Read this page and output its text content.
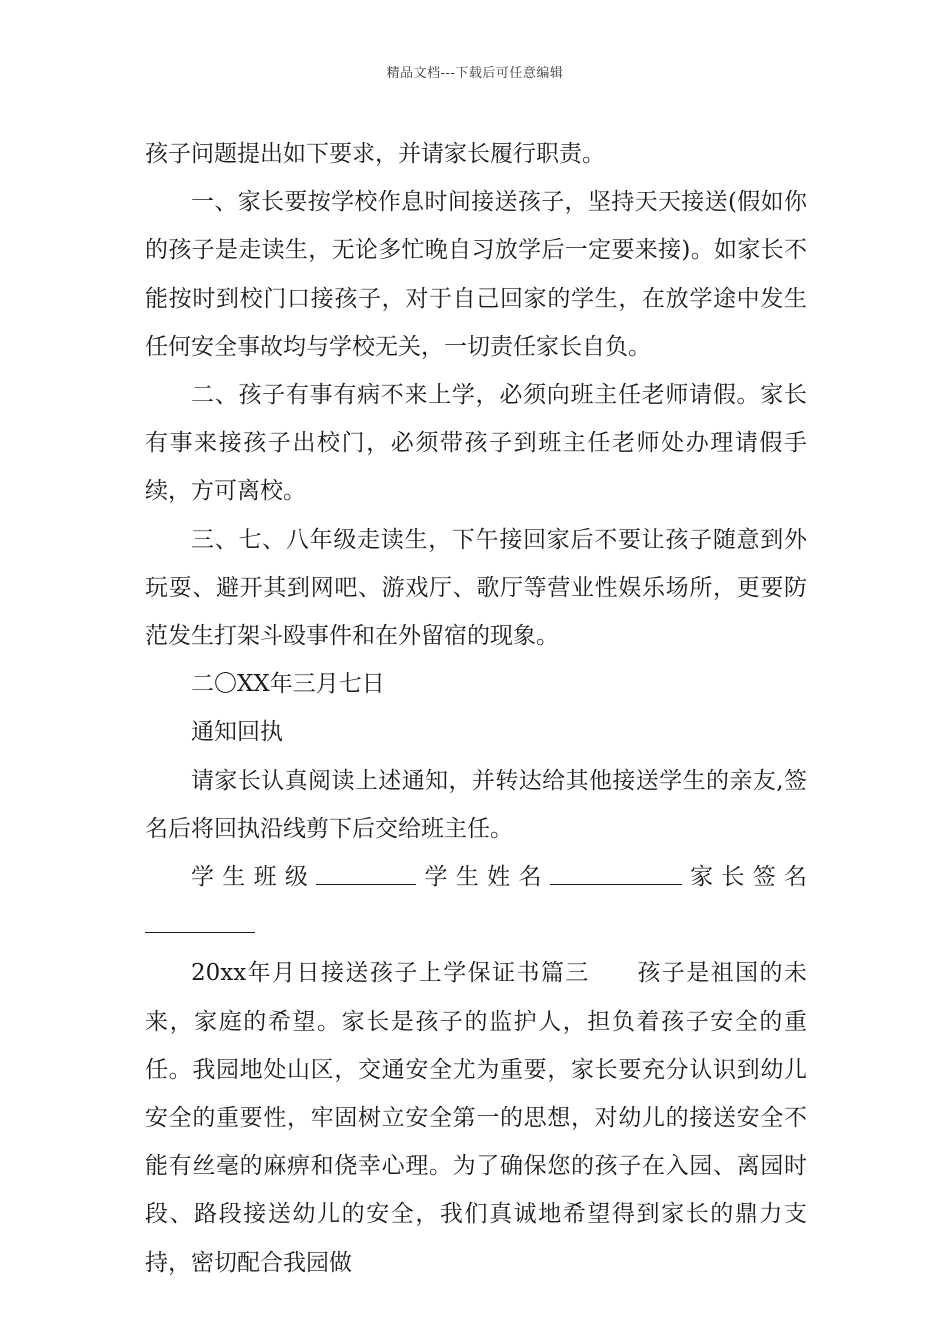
精品文档---下载后可任意编辑

孩子问题提出如下要求，并请家长履行职责。

一、家长要按学校作息时间接送孩子，坚持天天接送(假如你的孩子是走读生，无论多忙晚自习放学后一定要来接)。如家长不能按时到校门口接孩子，对于自己回家的学生，在放学途中发生任何安全事故均与学校无关，一切责任家长自负。

二、孩子有事有病不来上学，必须向班主任老师请假。家长有事来接孩子出校门，必须带孩子到班主任老师处办理请假手续，方可离校。

三、七、八年级走读生，下午接回家后不要让孩子随意到外玩耍、避开其到网吧、游戏厅、歌厅等营业性娱乐场所，更要防范发生打架斗殴事件和在外留宿的现象。

二〇XX年三月七日

通知回执

请家长认真阅读上述通知，并转达给其他接送学生的亲友,签名后将回执沿线剪下后交给班主任。

学生班级	学生姓名	家长签名

20xx年月日接送孩子上学保证书篇三 孩子是祖国的未来，家庭的希望。家长是孩子的监护人，担负着孩子安全的重任。我园地处山区，交通安全尤为重要，家长要充分认识到幼儿安全的重要性，牢固树立安全第一的思想，对幼儿的接送安全不能有丝毫的麻痹和侥幸心理。为了确保您的孩子在入园、离园时段、路段接送幼儿的安全，我们真诚地希望得到家长的鼎力支持，密切配合我园做
